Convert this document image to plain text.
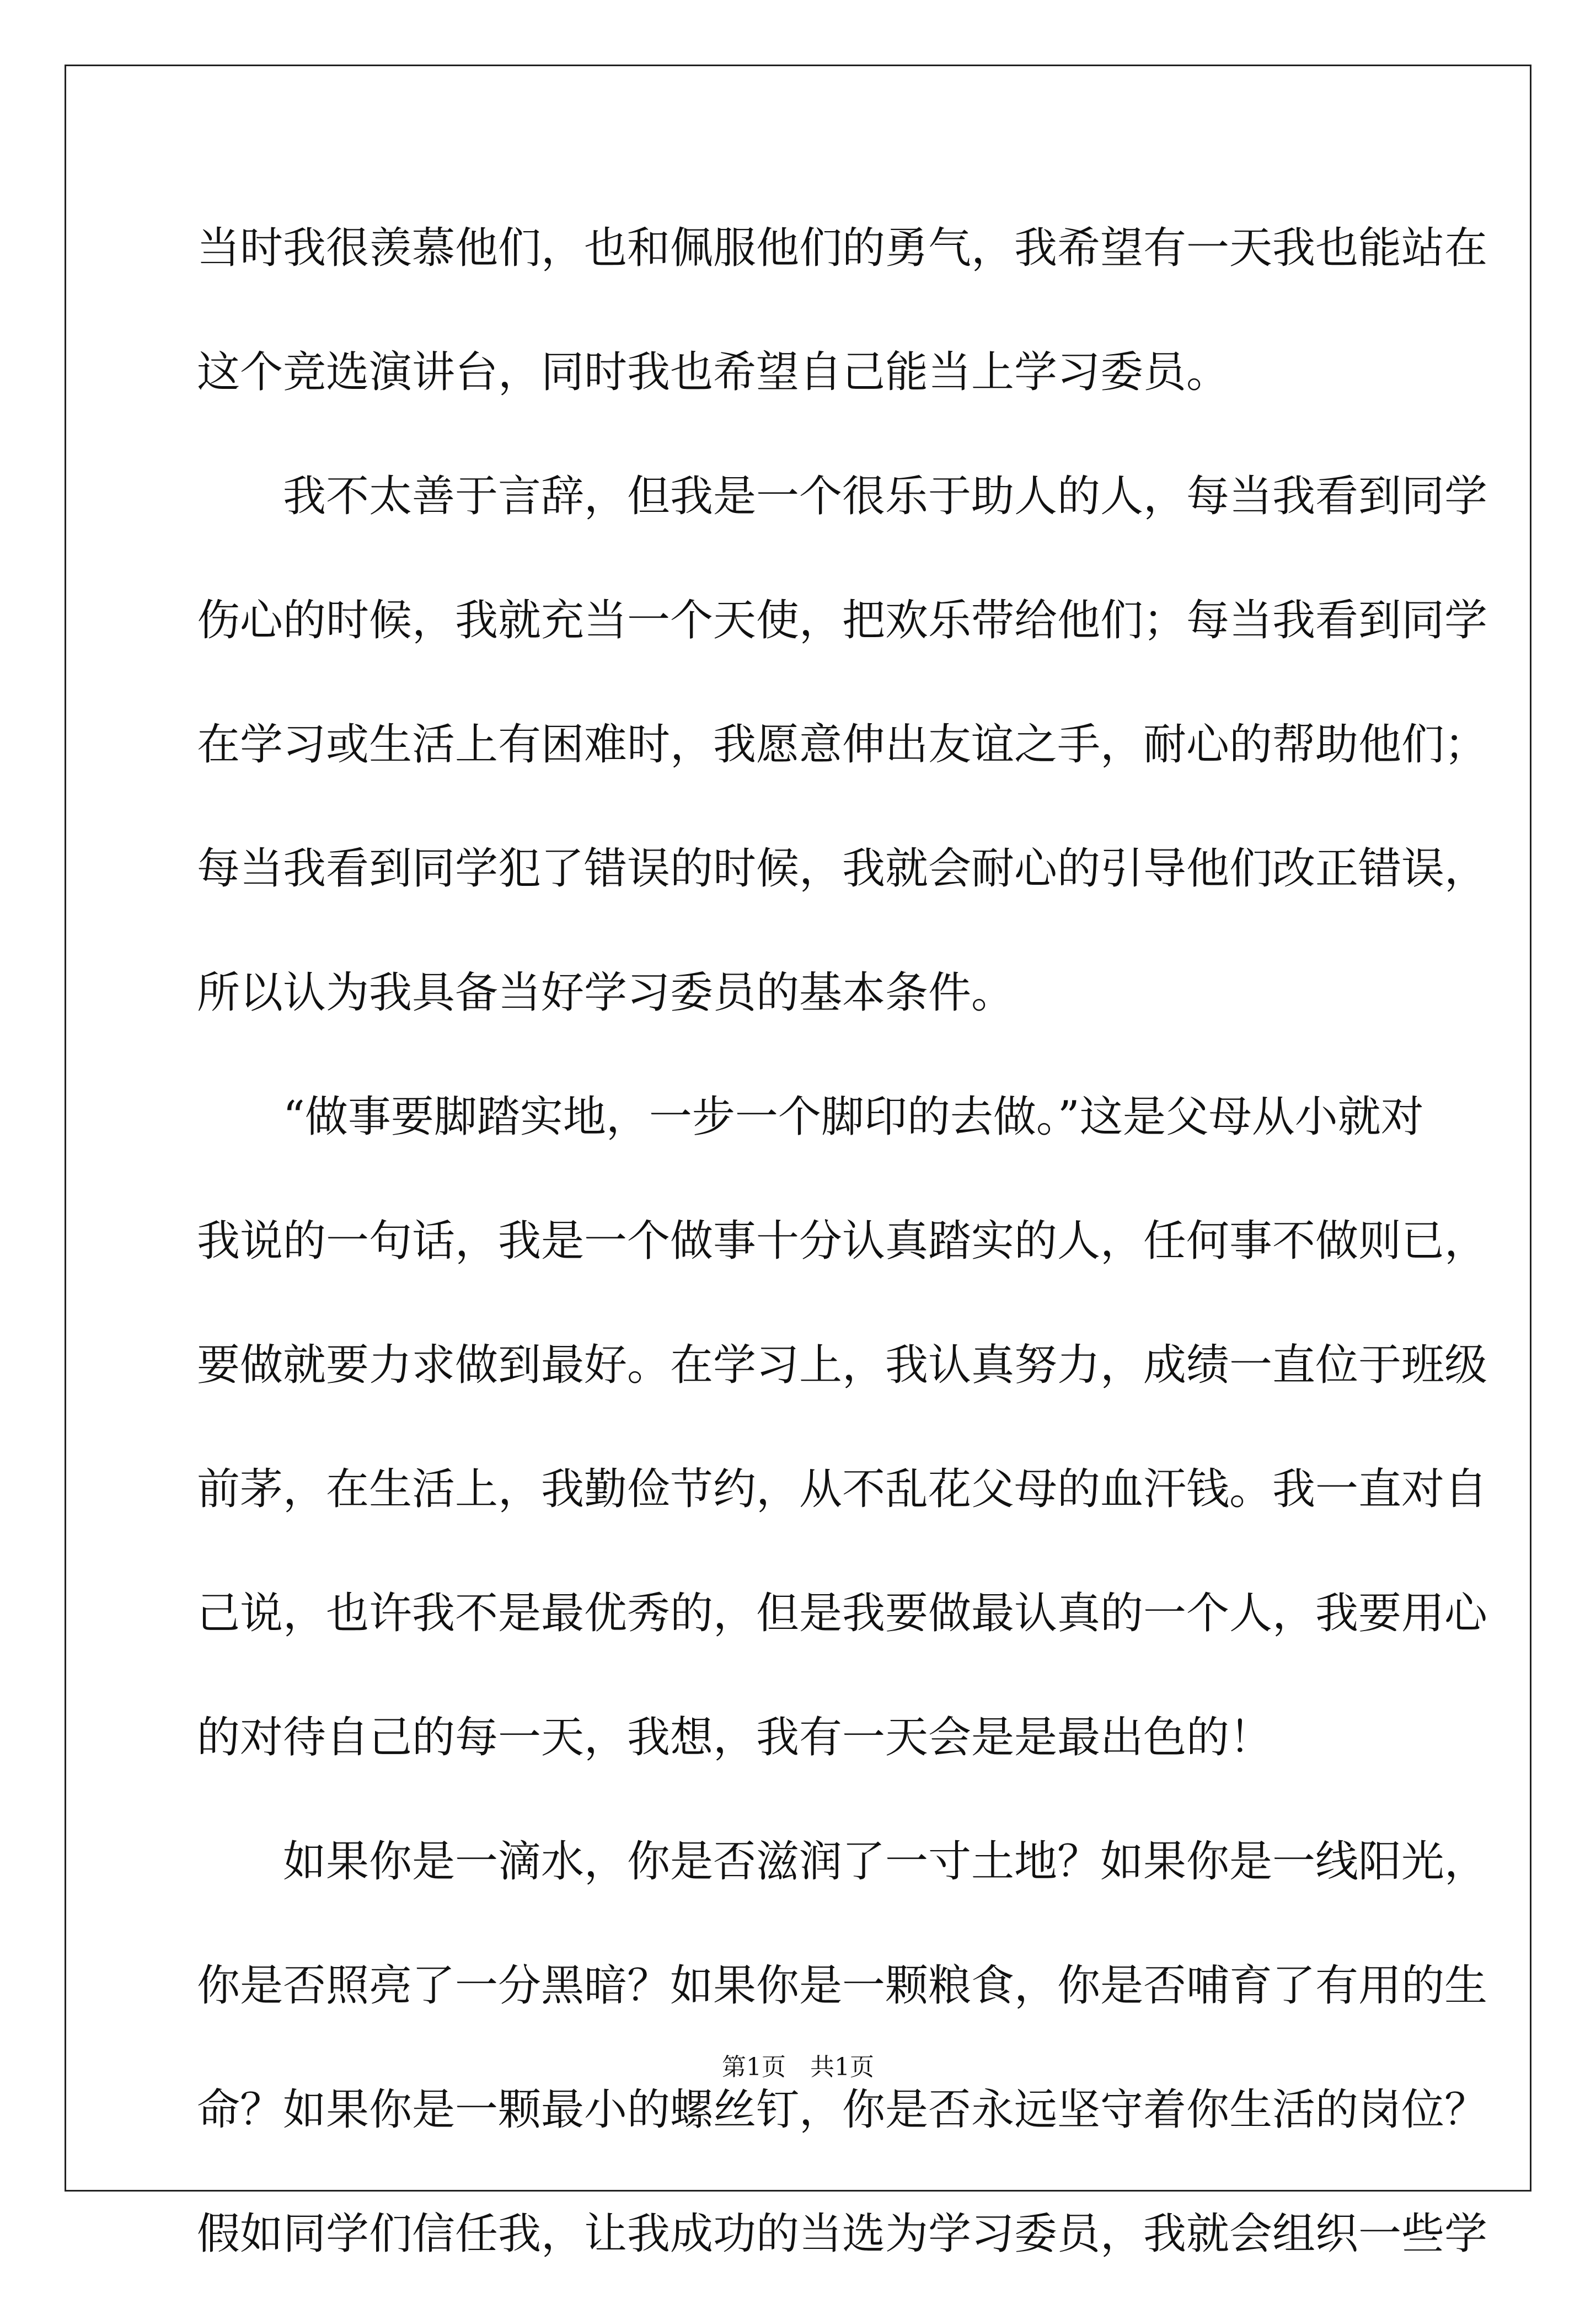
当时我很羡慕他们，也和佩服他们的勇气，我希望有一天我也能站在
这个竞选演讲台，同时我也希望自己能当上学习委员。
　　我不太善于言辞，但我是一个很乐于助人的人，每当我看到同学
伤心的时候，我就充当一个天使，把欢乐带给他们；每当我看到同学
在学习或生活上有困难时，我愿意伸出友谊之手，耐心的帮助他们；
每当我看到同学犯了错误的时候，我就会耐心的引导他们改正错误，
所以认为我具备当好学习委员的基本条件。
　　“做事要脚踏实地，一步一个脚印的去做。”这是父母从小就对
我说的一句话，我是一个做事十分认真踏实的人，任何事不做则已，
要做就要力求做到最好。在学习上，我认真努力，成绩一直位于班级
前茅，在生活上，我勤俭节约，从不乱花父母的血汗钱。我一直对自
己说，也许我不是最优秀的，但是我要做最认真的一个人，我要用心
的对待自己的每一天，我想，我有一天会是是最出色的！
　　如果你是一滴水，你是否滋润了一寸土地？如果你是一线阳光，
你是否照亮了一分黑暗？如果你是一颗粮食，你是否哺育了有用的生
命？如果你是一颗最小的螺丝钉，你是否永远坚守着你生活的岗位？
假如同学们信任我，让我成功的当选为学习委员，我就会组织一些学
第1页　共1页
